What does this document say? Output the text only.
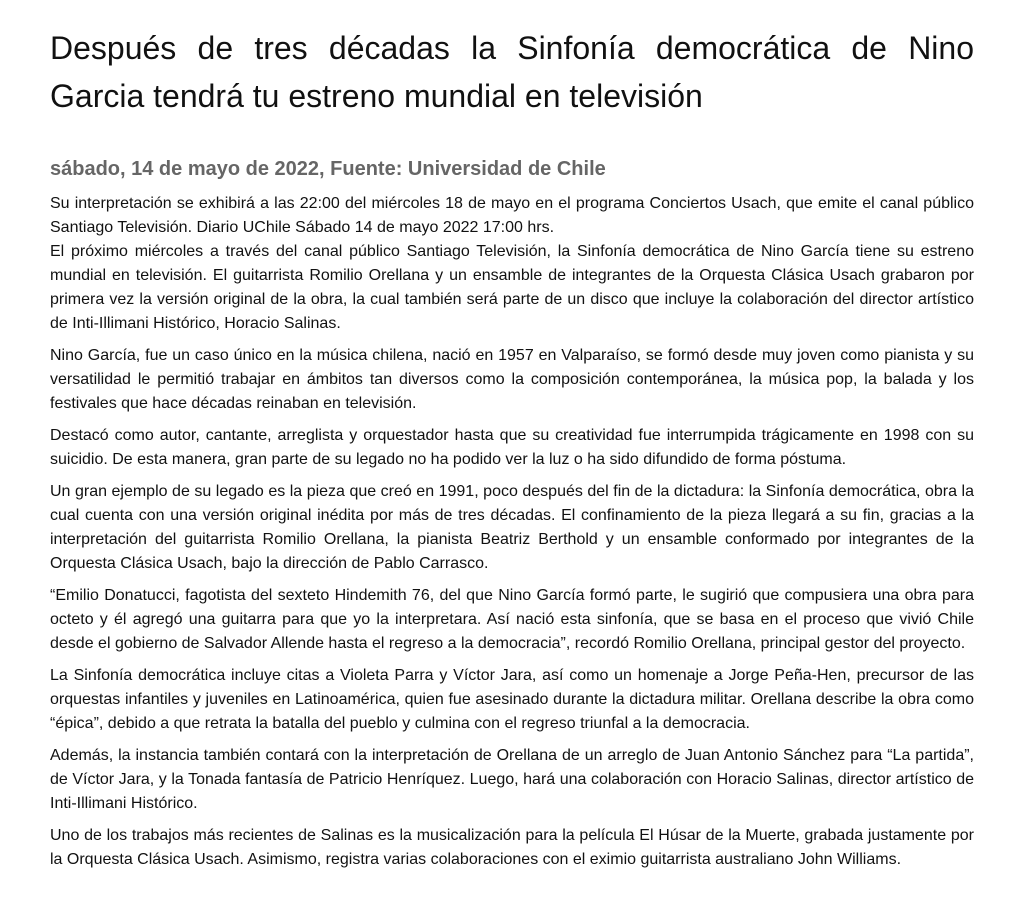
Después de tres décadas la Sinfonía democrática de Nino Garcia tendrá tu estreno mundial en televisión
sábado, 14 de mayo de 2022, Fuente: Universidad de Chile

Su interpretación se exhibirá a las 22:00 del miércoles 18 de mayo en el programa Conciertos Usach, que emite el canal público Santiago Televisión. Diario UChile Sábado 14 de mayo 2022 17:00 hrs.

El próximo miércoles a través del canal público Santiago Televisión, la Sinfonía democrática de Nino García tiene su estreno mundial en televisión. El guitarrista Romilio Orellana y un ensamble de integrantes de la Orquesta Clásica Usach grabaron por primera vez la versión original de la obra, la cual también será parte de un disco que incluye la colaboración del director artístico de Inti-Illimani Histórico, Horacio Salinas.

Nino García, fue un caso único en la música chilena, nació en 1957 en Valparaíso, se formó desde muy joven como pianista y su versatilidad le permitió trabajar en ámbitos tan diversos como la composición contemporánea, la música pop, la balada y los festivales que hace décadas reinaban en televisión.

Destacó como autor, cantante, arreglista y orquestador hasta que su creatividad fue interrumpida trágicamente en 1998 con su suicidio. De esta manera, gran parte de su legado no ha podido ver la luz o ha sido difundido de forma póstuma.

Un gran ejemplo de su legado es la pieza que creó en 1991, poco después del fin de la dictadura: la Sinfonía democrática, obra la cual cuenta con una versión original inédita por más de tres décadas. El confinamiento de la pieza llegará a su fin, gracias a la interpretación del guitarrista Romilio Orellana, la pianista Beatriz Berthold y un ensamble conformado por integrantes de la Orquesta Clásica Usach, bajo la dirección de Pablo Carrasco.

“Emilio Donatucci, fagotista del sexteto Hindemith 76, del que Nino García formó parte, le sugirió que compusiera una obra para octeto y él agregó una guitarra para que yo la interpretara. Así nació esta sinfonía, que se basa en el proceso que vivió Chile desde el gobierno de Salvador Allende hasta el regreso a la democracia”, recordó Romilio Orellana, principal gestor del proyecto.

La Sinfonía democrática incluye citas a Violeta Parra y Víctor Jara, así como un homenaje a Jorge Peña-Hen, precursor de las orquestas infantiles y juveniles en Latinoamérica, quien fue asesinado durante la dictadura militar. Orellana describe la obra como “épica”, debido a que retrata la batalla del pueblo y culmina con el regreso triunfal a la democracia.

Además, la instancia también contará con la interpretación de Orellana de un arreglo de Juan Antonio Sánchez para “La partida”, de Víctor Jara, y la Tonada fantasía de Patricio Henríquez. Luego, hará una colaboración con Horacio Salinas, director artístico de Inti-Illimani Histórico.

Uno de los trabajos más recientes de Salinas es la musicalización para la película El Húsar de la Muerte, grabada justamente por la Orquesta Clásica Usach. Asimismo, registra varias colaboraciones con el eximio guitarrista australiano John Williams.
